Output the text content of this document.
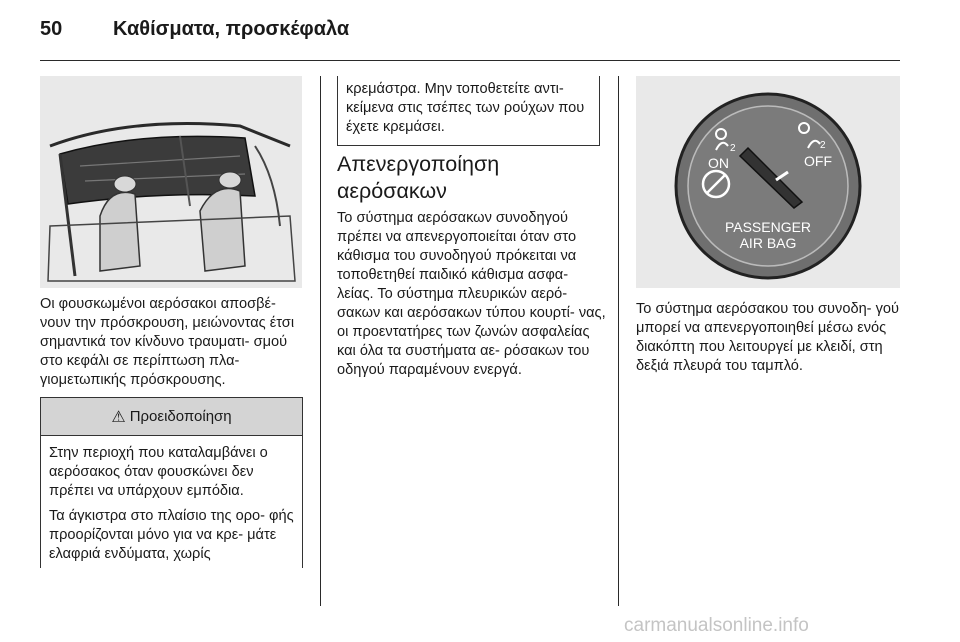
50	Καθίσματα, προσκέφαλα
Οι φουσκωμένοι αερόσακοι αποσβέ- νουν την πρόσκρουση, μειώνοντας έτσι σημαντικά τον κίνδυνο τραυματι- σμού στο κεφάλι σε περίπτωση πλα- γιομετωπικής πρόσκρουσης.
⚠ Προειδοποίηση

Στην περιοχή που καταλαμβάνει ο αερόσακος όταν φουσκώνει δεν πρέπει να υπάρχουν εμπόδια.

Τα άγκιστρα στο πλαίσιο της ορο- φής προορίζονται μόνο για να κρε- μάτε ελαφριά ενδύματα, χωρίς

κρεμάστρα. Μην τοποθετείτε αντι- κείμενα στις τσέπες των ρούχων που έχετε κρεμάσει.
Απενεργοποίηση αερόσακων
Το σύστημα αερόσακων συνοδηγού πρέπει να απενεργοποιείται όταν στο κάθισμα του συνοδηγού πρόκειται να τοποθετηθεί παιδικό κάθισμα ασφα- λείας. Το σύστημα πλευρικών αερό- σακων και αερόσακων τύπου κουρτί- νας, οι προεντατήρες των ζωνών ασφαλείας και όλα τα συστήματα αε- ρόσακων του οδηγού παραμένουν ενεργά.
2
ON
2
OFF
PASSENGER
AIR BAG
Το σύστημα αερόσακου του συνοδη- γού μπορεί να απενεργοποιηθεί μέσω ενός διακόπτη που λειτουργεί με κλειδί, στη δεξιά πλευρά του ταμπλό.
carmanualsonline.info
